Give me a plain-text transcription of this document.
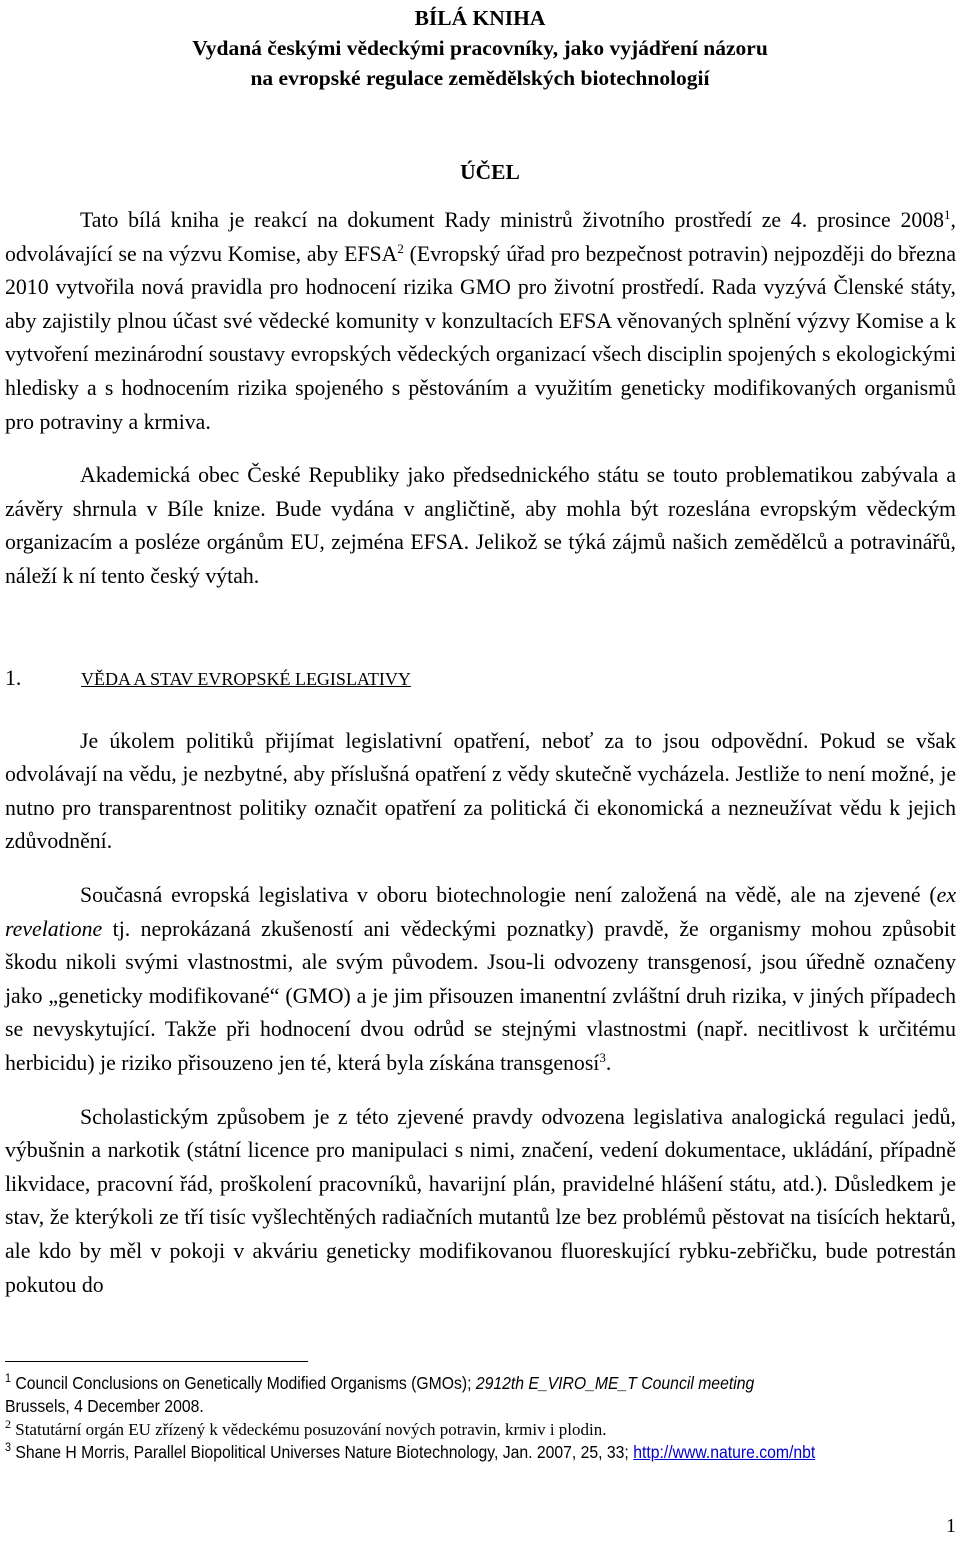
BÍLÁ KNIHA
Vydaná českými vědeckými pracovníky, jako vyjádření názoru
na evropské regulace zemědělských biotechnologií
ÚČEL

Tato bílá kniha je reakcí na dokument Rady ministrů životního prostředí ze 4. prosince 2008$^1$, odvolávající se na výzvu Komise, aby EFSA$^2$ (Evropský úřad pro bezpečnost potravin) nejpozději do března 2010 vytvořila nová pravidla pro hodnocení rizika GMO pro životní prostředí. Rada vyzývá Členské státy, aby zajistily plnou účast své vědecké komunity v konzultacích EFSA věnovaných splnění výzvy Komise a k vytvoření mezinárodní soustavy evropských vědeckých organizací všech disciplin spojených s ekologickými hledisky a s hodnocením rizika spojeného s pěstováním a využitím geneticky modifikovaných organismů pro potraviny a krmiva.

Akademická obec České Republiky jako předsednického státu se touto problematikou zabývala a závěry shrnula v Bíle knize. Bude vydána v angličtině, aby mohla být rozeslána evropským vědeckým organizacím a posléze orgánům EU, zejména EFSA. Jelikož se týká zájmů našich zemědělců a potravinářů, náleží k ní tento český výtah.

1.	VĚDA A STAV EVROPSKÉ LEGISLATIVY

Je úkolem politiků přijímat legislativní opatření, neboť za to jsou odpovědní. Pokud se však odvolávají na vědu, je nezbytné, aby příslušná opatření z vědy skutečně vycházela. Jestliže to není možné, je nutno pro transparentnost politiky označit opatření za politická či ekonomická a nezneužívat vědu k jejich zdůvodnění.

Současná evropská legislativa v oboru biotechnologie není založená na vědě, ale na zjevené (ex revelatione tj. neprokázaná zkušeností ani vědeckými poznatky) pravdě, že organismy mohou způsobit škodu nikoli svými vlastnostmi, ale svým původem. Jsou-li odvozeny transgenosí, jsou úředně označeny jako „geneticky modifikované“ (GMO) a je jim přisouzen imanentní zvláštní druh rizika, v jiných případech se nevyskytující. Takže při hodnocení dvou odrůd se stejnými vlastnostmi (např. necitlivost k určitému herbicidu) je riziko přisouzeno jen té, která byla získána transgenosí$^3$.

Scholastickým způsobem je z této zjevené pravdy odvozena legislativa analogická regulaci jedů, výbušnin a narkotik (státní licence pro manipulaci s nimi, značení, vedení dokumentace, ukládání, případně likvidace, pracovní řád, proškolení pracovníků, havarijní plán, pravidelné hlášení státu, atd.). Důsledkem je stav, že kterýkoli ze tří tisíc vyšlechtěných radiačních mutantů lze bez problémů pěstovat na tisících hektarů, ale kdo by měl v pokoji v akváriu geneticky modifikovanou fluoreskující rybku-zebřičku, bude potrestán pokutou do

$^1$ Council Conclusions on Genetically Modified Organisms (GMOs); 2912th E_VIRO_ME_T Council meeting

Brussels, 4 December 2008.

$^2$ Statutární orgán EU zřízený k vědeckému posuzování nových potravin, krmiv i plodin.

$^3$ Shane H Morris, Parallel Biopolitical Universes Nature Biotechnology, Jan. 2007, 25, 33; http://www.nature.com/nbt

1
